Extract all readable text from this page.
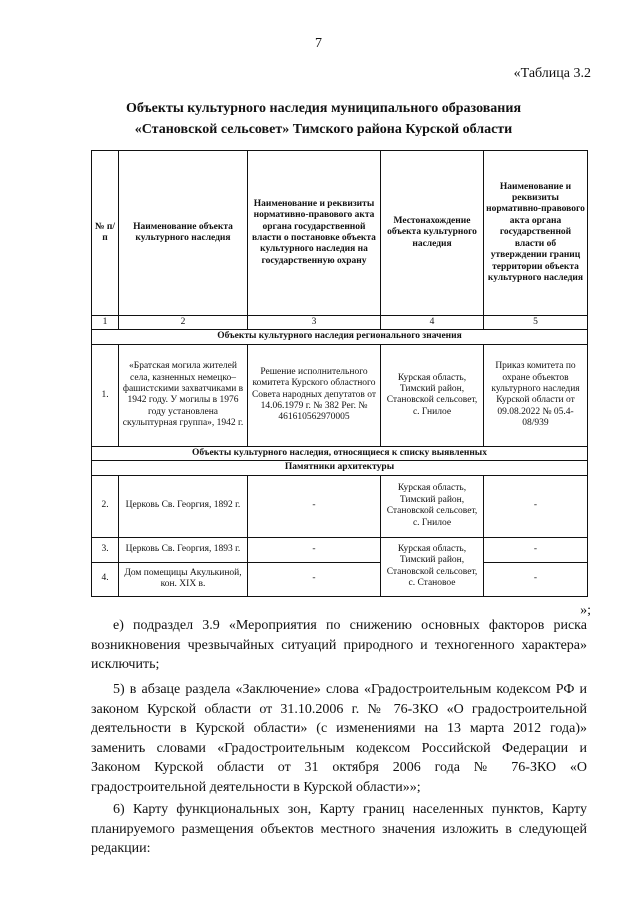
7
«Таблица 3.2
Объекты культурного наследия муниципального образования
«Становской сельсовет» Тимского района Курской области
№ п/п	Наименование объекта культурного наследия	Наименование и реквизиты нормативно-правового акта органа государственной власти о постановке объекта культурного наследия на государственную охрану	Местонахождение объекта культурного наследия	Наименование и реквизиты нормативно-правового акта органа государственной власти об утверждении границ территории объекта культурного наследия
1	2	3	4	5
Объекты культурного наследия регионального значения				
1.	«Братская могила жителей села, казненных немецко–фашистскими захватчиками в 1942 году. У могилы в 1976 году установлена скульптурная группа», 1942 г.	Решение исполнительного комитета Курского областного Совета народных депутатов от 14.06.1979 г. № 382 Рег. № 461610562970005	Курская область, Тимский район, Становской сельсовет, с. Гнилое	Приказ комитета по охране объектов культурного наследия Курской области от 09.08.2022 № 05.4-08/939
Объекты культурного наследия, относящиеся к списку выявленных				
Памятники архитектуры				
2.	Церковь Св. Георгия, 1892 г.	-	Курская область, Тимский район, Становской сельсовет, с. Гнилое	-
3.	Церковь Св. Георгия, 1893 г.	-	Курская область, Тимский район, Становской сельсовет, с. Становое	-
4.	Дом помещицы Акулькиной, кон. XIX в.	-		-
»;
е) подраздел 3.9 «Мероприятия по снижению основных факторов риска возникновения чрезвычайных ситуаций природного и техногенного характера» исключить;
5) в абзаце раздела «Заключение» слова «Градостроительным кодексом РФ и законом Курской области от 31.10.2006 г. № 76-ЗКО «О градостроительной деятельности в Курской области» (с изменениями на 13 марта 2012 года)» заменить словами «Градостроительным кодексом Российской Федерации и Законом Курской области от 31 октября 2006 года № 76-ЗКО «О градостроительной деятельности в Курской области»»;
6) Карту функциональных зон, Карту границ населенных пунктов, Карту планируемого размещения объектов местного значения изложить в следующей редакции:
